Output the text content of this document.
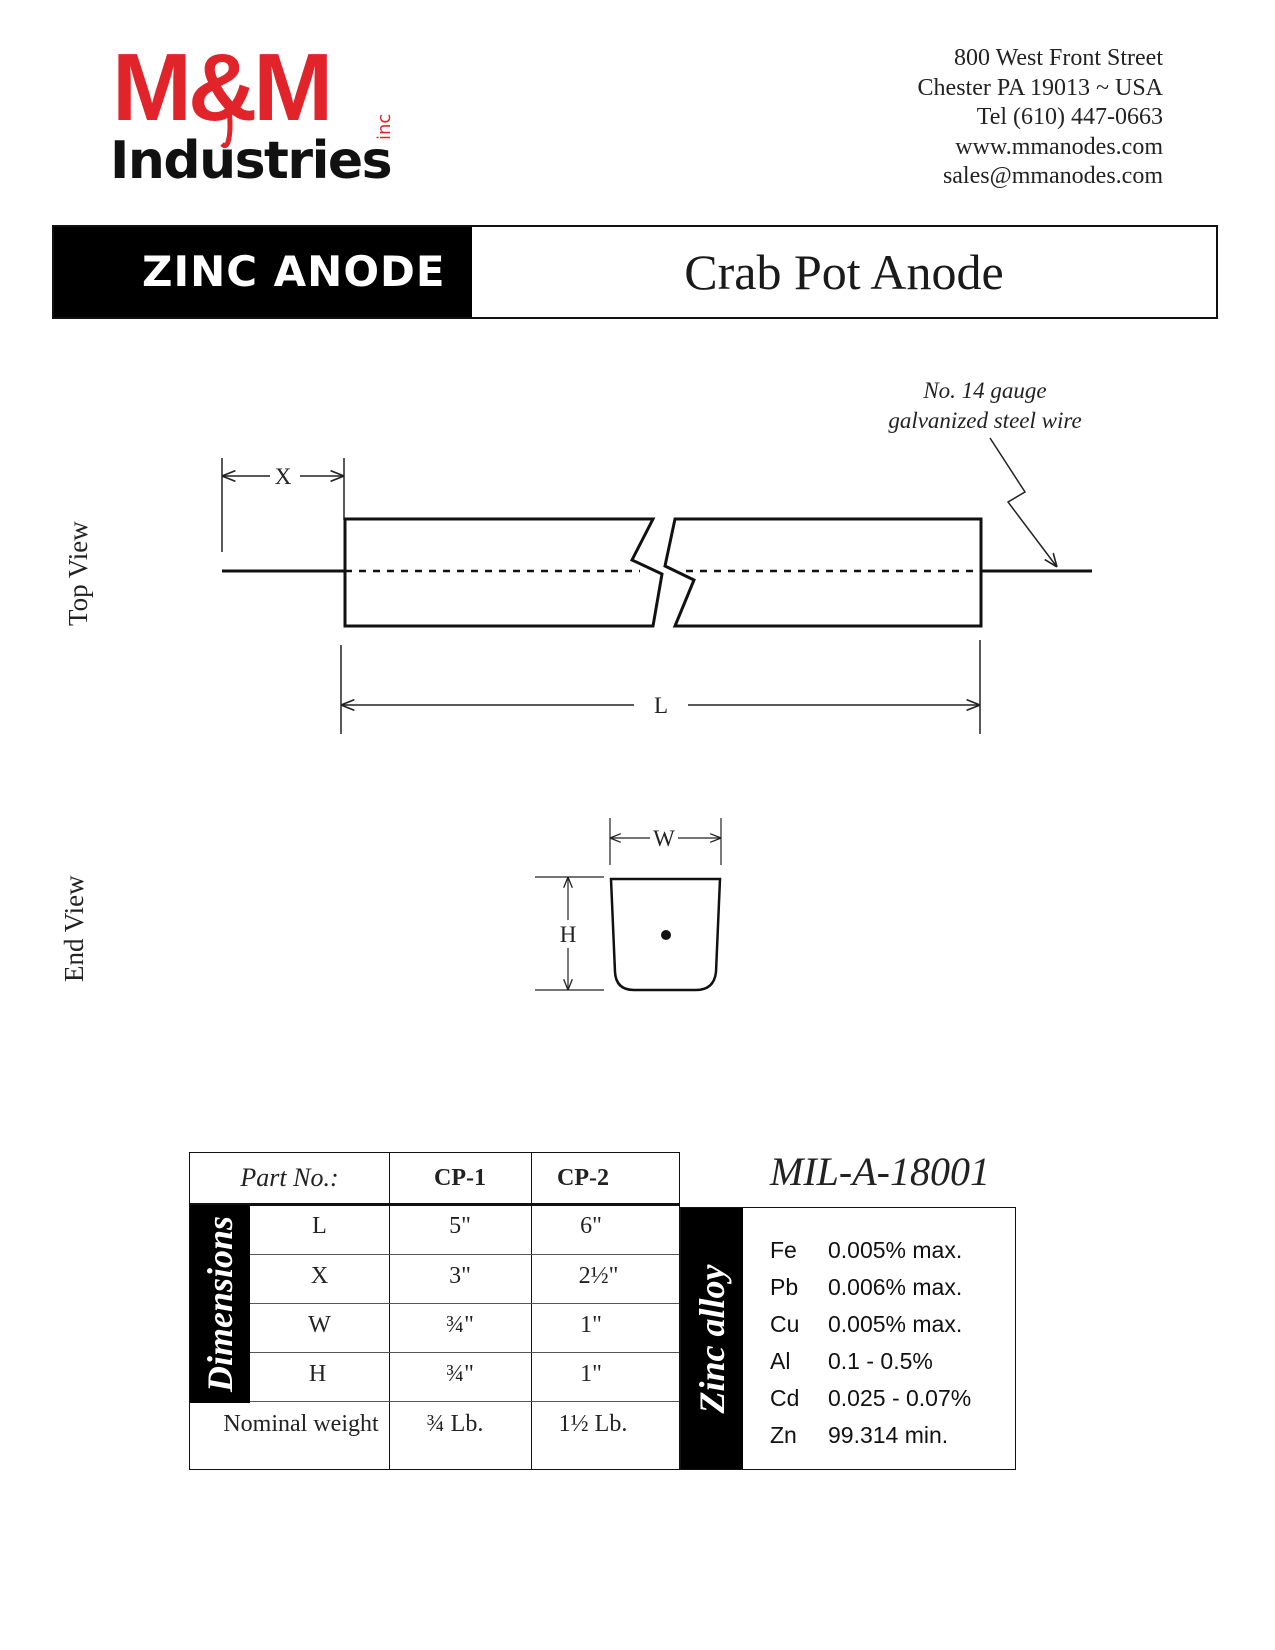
M&M
Industries
inc
800 West Front Street
Chester PA 19013 ~ USA
Tel (610) 447-0663
www.mmanodes.com
sales@mmanodes.com
ZINC ANODE	Crab Pot Anode
Top View
End View
No. 14 gauge
galvanized steel wire
X
L
W
H
Part No.:	CP-1	CP-2
Dimensions	L	5"	6"
X	3"	2½"
W	¾"	1"
H	¾"	1"
Nominal weight	¾ Lb.	1½ Lb.
MIL-A-18001
Zinc alloy
Fe 0.005% max.
Pb 0.006% max.
Cu 0.005% max.
Al 0.1 - 0.5%
Cd 0.025 - 0.07%
Zn 99.314 min.
